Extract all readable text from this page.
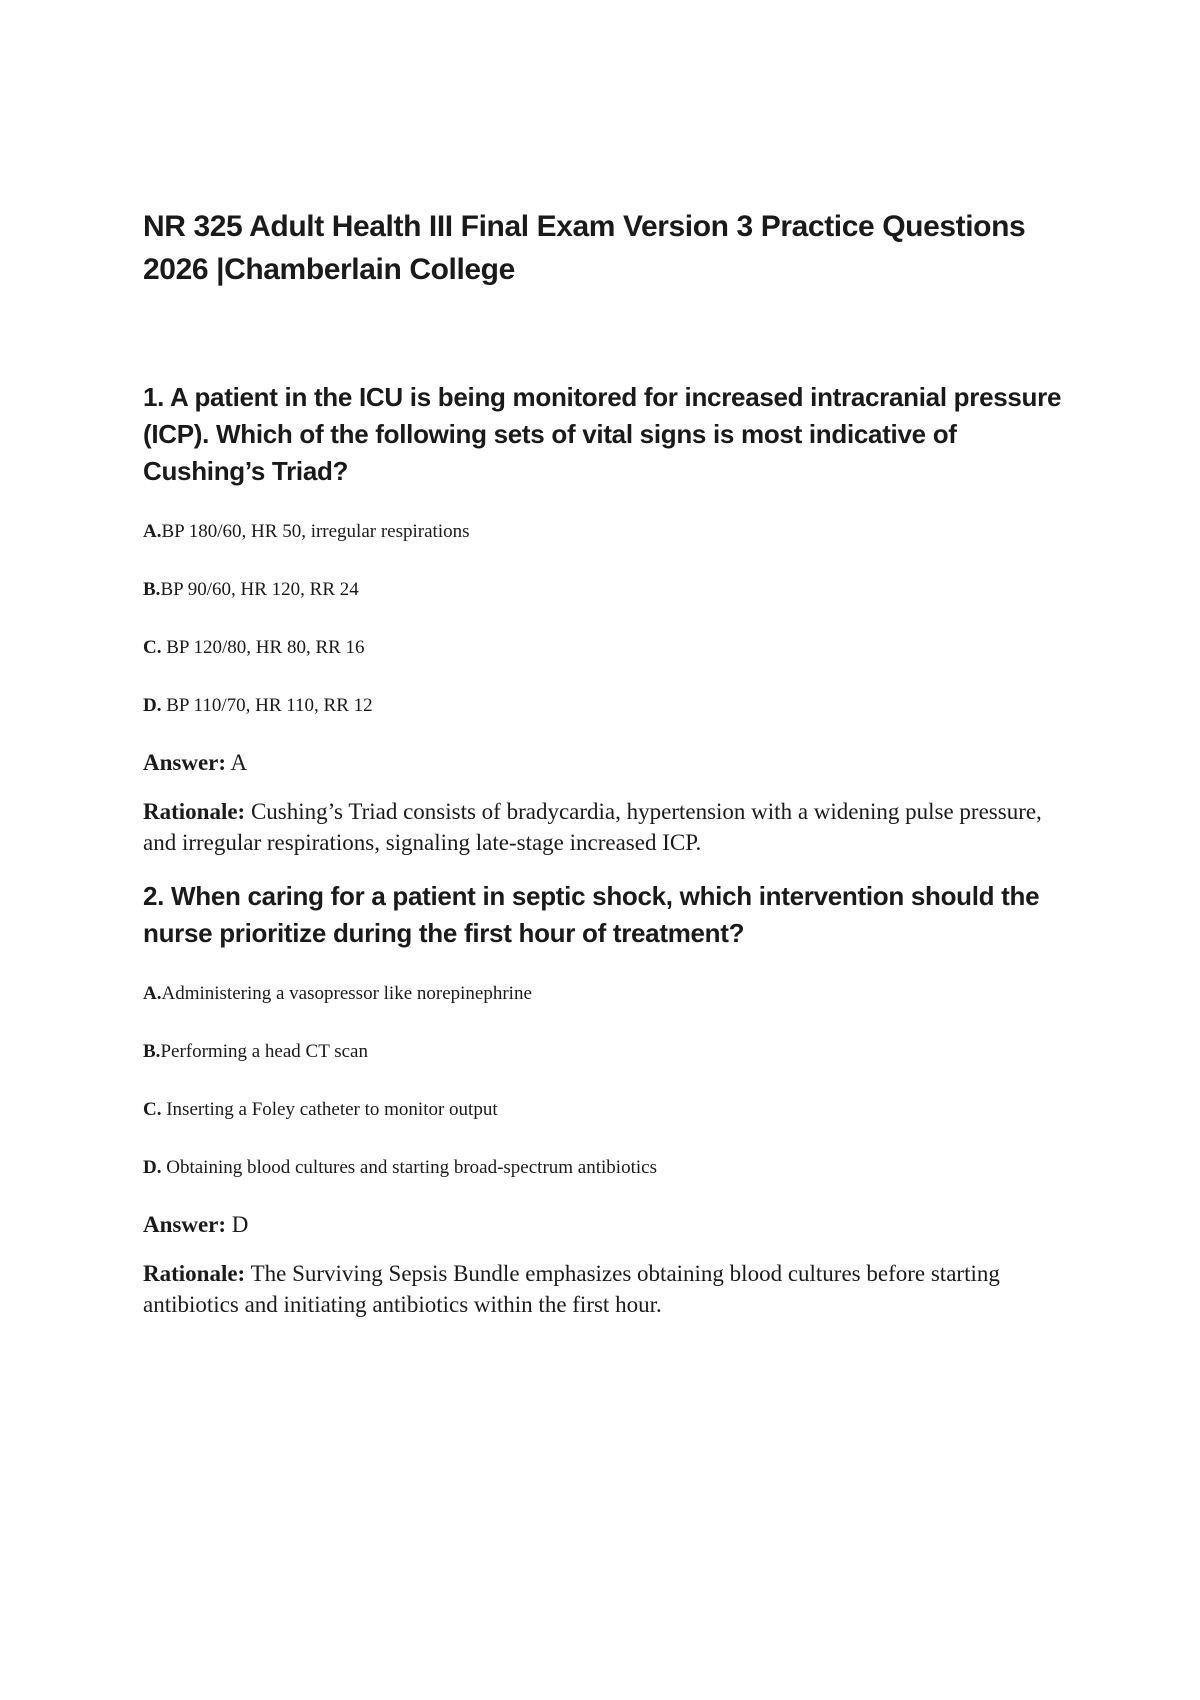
NR 325 Adult Health III Final Exam Version 3 Practice Questions 2026 |Chamberlain College

1. A patient in the ICU is being monitored for increased intracranial pressure (ICP). Which of the following sets of vital signs is most indicative of Cushing’s Triad?

A.BP 180/60, HR 50, irregular respirations
B.BP 90/60, HR 120, RR 24
C. BP 120/80, HR 80, RR 16
D. BP 110/70, HR 110, RR 12

Answer: A

Rationale: Cushing’s Triad consists of bradycardia, hypertension with a widening pulse pressure, and irregular respirations, signaling late-stage increased ICP.

2. When caring for a patient in septic shock, which intervention should the nurse prioritize during the first hour of treatment?

A.Administering a vasopressor like norepinephrine
B.Performing a head CT scan
C. Inserting a Foley catheter to monitor output
D. Obtaining blood cultures and starting broad-spectrum antibiotics

Answer: D

Rationale: The Surviving Sepsis Bundle emphasizes obtaining blood cultures before starting antibiotics and initiating antibiotics within the first hour.
